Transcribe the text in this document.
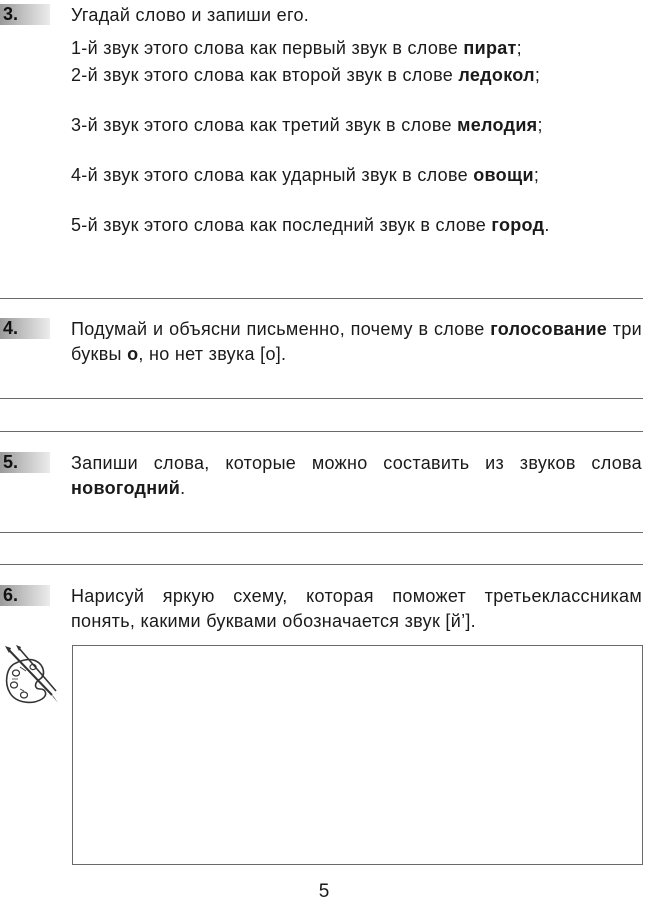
3.	Угадай слово и запиши его.
1-й звук этого слова как первый звук в слове пират;
2-й звук этого слова как второй звук в слове ледокол;
3-й звук этого слова как третий звук в слове мелодия;
4-й звук этого слова как ударный звук в слове овощи;
5-й звук этого слова как последний звук в слове город.
4.	Подумай и объясни письменно, почему в слове голосование три буквы о, но нет звука [о].
5.	Запиши слова, которые можно составить из звуков слова новогодний.
6.	Нарисуй яркую схему, которая поможет третьеклассникам понять, какими буквами обозначается звук [й’].
5
